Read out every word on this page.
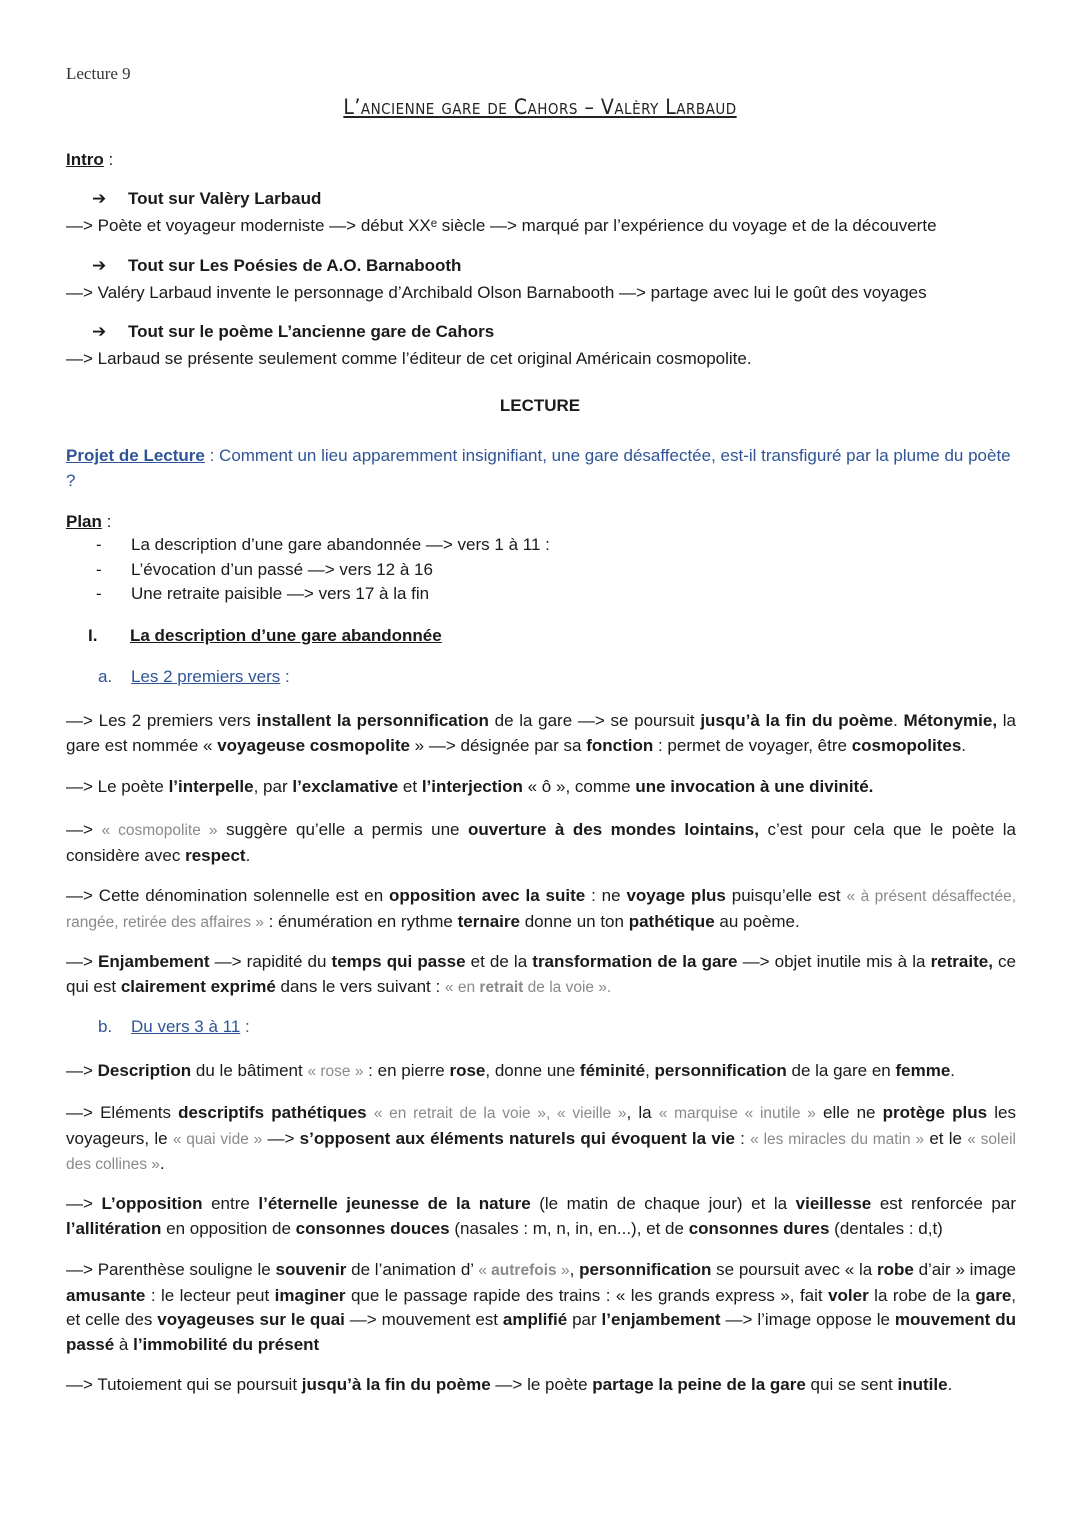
Lecture 9
L’ancienne gare de Cahors – Valèry Larbaud
Intro :
➔ Tout sur Valèry Larbaud
—> Poète et voyageur moderniste —> début XXᵉ siècle —> marqué par l’expérience du voyage et de la découverte
➔ Tout sur Les Poésies de A.O. Barnabooth
—> Valéry Larbaud invente le personnage d’Archibald Olson Barnabooth —> partage avec lui le goût des voyages
➔ Tout sur le poème L’ancienne gare de Cahors
—> Larbaud se présente seulement comme l’éditeur de cet original Américain cosmopolite.
LECTURE
Projet de Lecture : Comment un lieu apparemment insignifiant, une gare désaffectée, est-il transfiguré par la plume du poète ?
Plan :
- La description d’une gare abandonnée —> vers 1 à 11 :
- L’évocation d’un passé —> vers 12 à 16
- Une retraite paisible —> vers 17 à la fin
I. La description d’une gare abandonnée
a. Les 2 premiers vers :
—> Les 2 premiers vers installent la personnification de la gare —> se poursuit jusqu’à la fin du poème. Métonymie, la gare est nommée « voyageuse cosmopolite » —> désignée par sa fonction : permet de voyager, être cosmopolites.
—> Le poète l’interpelle, par l’exclamative et l’interjection « ô », comme une invocation à une divinité.
—> « cosmopolite » suggère qu’elle a permis une ouverture à des mondes lointains, c’est pour cela que le poète la considère avec respect.
—> Cette dénomination solennelle est en opposition avec la suite : ne voyage plus puisqu’elle est « à présent désaffectée, rangée, retirée des affaires » : énumération en rythme ternaire donne un ton pathétique au poème.
—> Enjambement —> rapidité du temps qui passe et de la transformation de la gare —> objet inutile mis à la retraite, ce qui est clairement exprimé dans le vers suivant : « en retrait de la voie ».
b. Du vers 3 à 11 :
—> Description du le bâtiment « rose » : en pierre rose, donne une féminité, personnification de la gare en femme.
—> Eléments descriptifs pathétiques « en retrait de la voie », « vieille », la « marquise « inutile » elle ne protège plus les voyageurs, le « quai vide » —> s’opposent aux éléments naturels qui évoquent la vie : « les miracles du matin » et le « soleil des collines ».
—> L’opposition entre l’éternelle jeunesse de la nature (le matin de chaque jour) et la vieillesse est renforcée par l’allitération en opposition de consonnes douces (nasales : m, n, in, en...), et de consonnes dures (dentales : d,t)
—> Parenthèse souligne le souvenir de l’animation d’ « autrefois », personnification se poursuit avec « la robe d’air » image amusante : le lecteur peut imaginer que le passage rapide des trains : « les grands express », fait voler la robe de la gare, et celle des voyageuses sur le quai —> mouvement est amplifié par l’enjambement —> l’image oppose le mouvement du passé à l’immobilité du présent
—> Tutoiement qui se poursuit jusqu’à la fin du poème —> le poète partage la peine de la gare qui se sent inutile.
